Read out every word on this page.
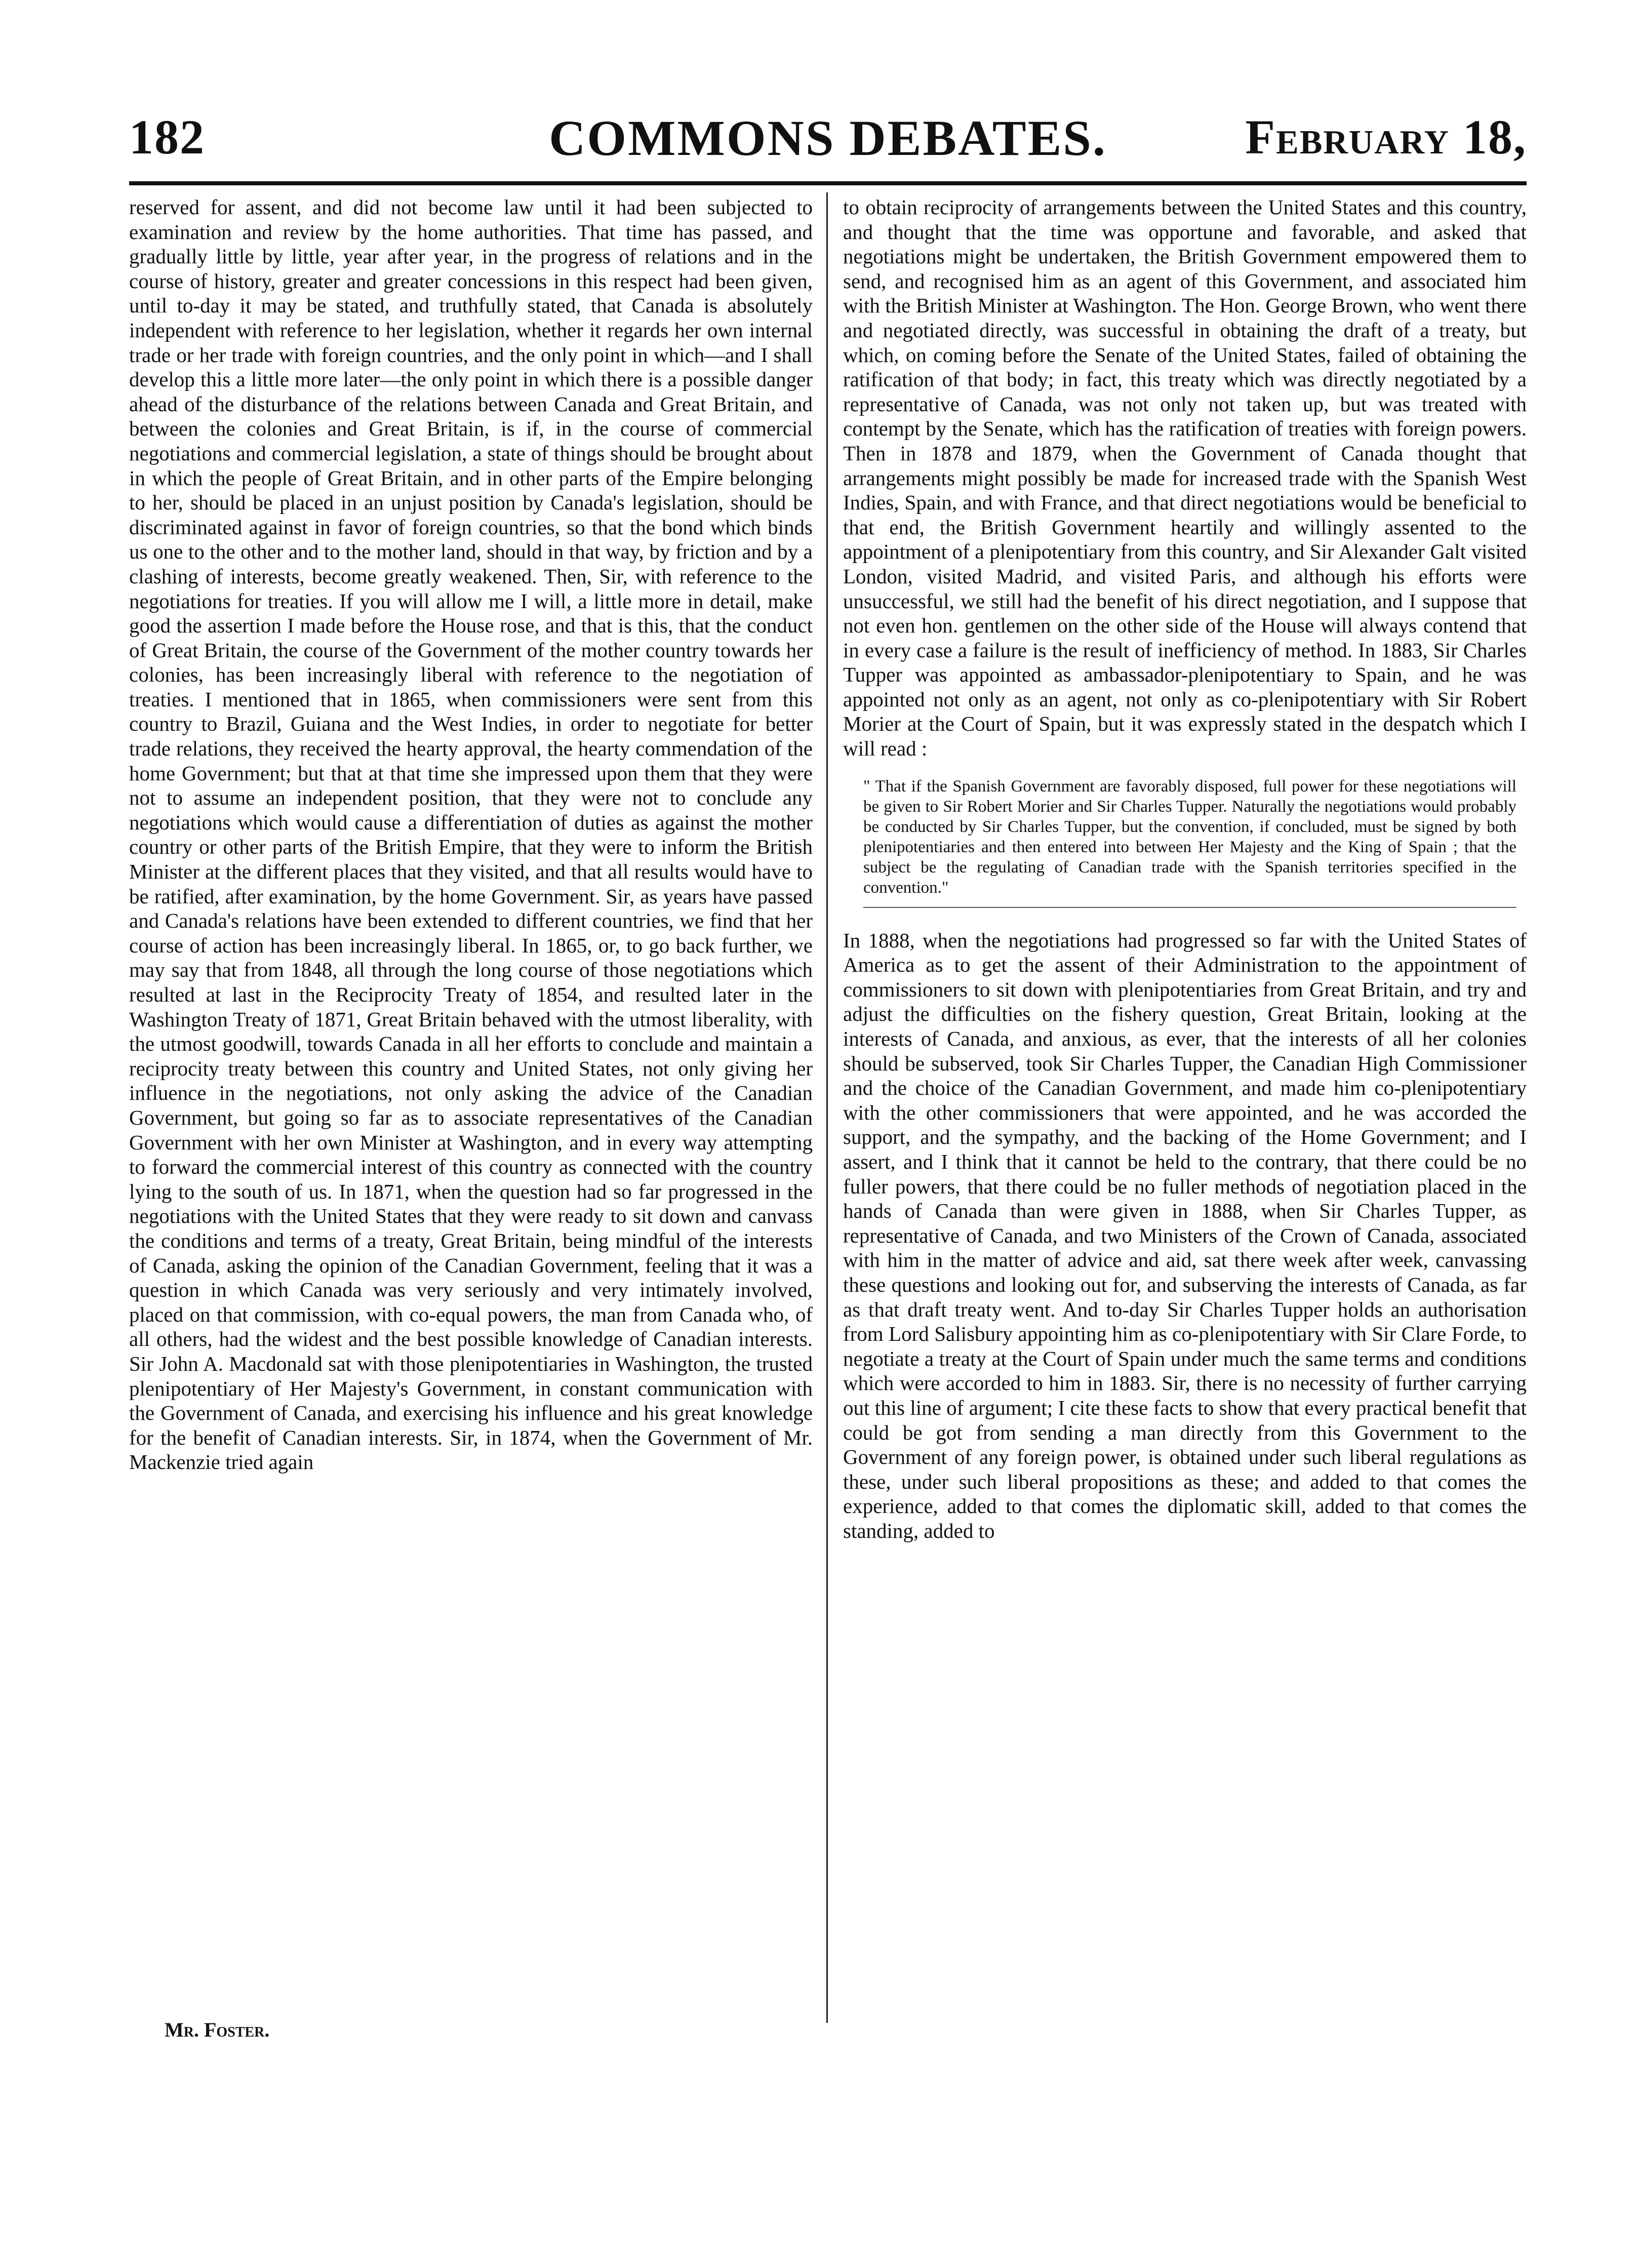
182	COMMONS DEBATES.	February 18,

reserved for assent, and did not become law until it had been subjected to examination and review by the home authorities. That time has passed, and gradually little by little, year after year, in the progress of relations and in the course of history, greater and greater concessions in this respect had been given, until to-day it may be stated, and truthfully stated, that Canada is absolutely independent with reference to her legislation, whether it regards her own internal trade or her trade with foreign countries, and the only point in which—and I shall develop this a little more later—the only point in which there is a possible danger ahead of the disturbance of the relations between Canada and Great Britain, and between the colonies and Great Britain, is if, in the course of commercial negotiations and commercial legislation, a state of things should be brought about in which the people of Great Britain, and in other parts of the Empire belonging to her, should be placed in an unjust position by Canada's legislation, should be discriminated against in favor of foreign countries, so that the bond which binds us one to the other and to the mother land, should in that way, by friction and by a clashing of interests, become greatly weakened. Then, Sir, with reference to the negotiations for treaties. If you will allow me I will, a little more in detail, make good the assertion I made before the House rose, and that is this, that the conduct of Great Britain, the course of the Government of the mother country towards her colonies, has been increasingly liberal with reference to the negotiation of treaties. I mentioned that in 1865, when commissioners were sent from this country to Brazil, Guiana and the West Indies, in order to negotiate for better trade relations, they received the hearty approval, the hearty commendation of the home Government; but that at that time she impressed upon them that they were not to assume an independent position, that they were not to conclude any negotiations which would cause a differentiation of duties as against the mother country or other parts of the British Empire, that they were to inform the British Minister at the different places that they visited, and that all results would have to be ratified, after examination, by the home Government. Sir, as years have passed and Canada's relations have been extended to different countries, we find that her course of action has been increasingly liberal. In 1865, or, to go back further, we may say that from 1848, all through the long course of those negotiations which resulted at last in the Reciprocity Treaty of 1854, and resulted later in the Washington Treaty of 1871, Great Britain behaved with the utmost liberality, with the utmost goodwill, towards Canada in all her efforts to conclude and maintain a reciprocity treaty between this country and United States, not only giving her influence in the negotiations, not only asking the advice of the Canadian Government, but going so far as to associate representatives of the Canadian Government with her own Minister at Washington, and in every way attempting to forward the commercial interest of this country as connected with the country lying to the south of us. In 1871, when the question had so far progressed in the negotiations with the United States that they were ready to sit down and canvass the conditions and terms of a treaty, Great Britain, being mindful of the interests of Canada, asking the opinion of the Canadian Government, feeling that it was a question in which Canada was very seriously and very intimately involved, placed on that commission, with co-equal powers, the man from Canada who, of all others, had the widest and the best possible knowledge of Canadian interests. Sir John A. Macdonald sat with those plenipotentiaries in Washington, the trusted plenipotentiary of Her Majesty's Government, in constant communication with the Government of Canada, and exercising his influence and his great knowledge for the benefit of Canadian interests. Sir, in 1874, when the Government of Mr. Mackenzie tried again

to obtain reciprocity of arrangements between the United States and this country, and thought that the time was opportune and favorable, and asked that negotiations might be undertaken, the British Government empowered them to send, and recognised him as an agent of this Government, and associated him with the British Minister at Washington. The Hon. George Brown, who went there and negotiated directly, was successful in obtaining the draft of a treaty, but which, on coming before the Senate of the United States, failed of obtaining the ratification of that body; in fact, this treaty which was directly negotiated by a representative of Canada, was not only not taken up, but was treated with contempt by the Senate, which has the ratification of treaties with foreign powers. Then in 1878 and 1879, when the Government of Canada thought that arrangements might possibly be made for increased trade with the Spanish West Indies, Spain, and with France, and that direct negotiations would be beneficial to that end, the British Government heartily and willingly assented to the appointment of a plenipotentiary from this country, and Sir Alexander Galt visited London, visited Madrid, and visited Paris, and although his efforts were unsuccessful, we still had the benefit of his direct negotiation, and I suppose that not even hon. gentlemen on the other side of the House will always contend that in every case a failure is the result of inefficiency of method. In 1883, Sir Charles Tupper was appointed as ambassador-plenipotentiary to Spain, and he was appointed not only as an agent, not only as co-plenipotentiary with Sir Robert Morier at the Court of Spain, but it was expressly stated in the despatch which I will read :

" That if the Spanish Government are favorably disposed, full power for these negotiations will be given to Sir Robert Morier and Sir Charles Tupper. Naturally the negotiations would probably be conducted by Sir Charles Tupper, but the convention, if concluded, must be signed by both plenipotentiaries and then entered into between Her Majesty and the King of Spain ; that the subject be the regulating of Canadian trade with the Spanish territories specified in the convention."

In 1888, when the negotiations had progressed so far with the United States of America as to get the assent of their Administration to the appointment of commissioners to sit down with plenipotentiaries from Great Britain, and try and adjust the difficulties on the fishery question, Great Britain, looking at the interests of Canada, and anxious, as ever, that the interests of all her colonies should be subserved, took Sir Charles Tupper, the Canadian High Commissioner and the choice of the Canadian Government, and made him co-plenipotentiary with the other commissioners that were appointed, and he was accorded the support, and the sympathy, and the backing of the Home Government; and I assert, and I think that it cannot be held to the contrary, that there could be no fuller powers, that there could be no fuller methods of negotiation placed in the hands of Canada than were given in 1888, when Sir Charles Tupper, as representative of Canada, and two Ministers of the Crown of Canada, associated with him in the matter of advice and aid, sat there week after week, canvassing these questions and looking out for, and subserving the interests of Canada, as far as that draft treaty went. And to-day Sir Charles Tupper holds an authorisation from Lord Salisbury appointing him as co-plenipotentiary with Sir Clare Forde, to negotiate a treaty at the Court of Spain under much the same terms and conditions which were accorded to him in 1883. Sir, there is no necessity of further carrying out this line of argument; I cite these facts to show that every practical benefit that could be got from sending a man directly from this Government to the Government of any foreign power, is obtained under such liberal regulations as these, under such liberal propositions as these; and added to that comes the experience, added to that comes the diplomatic skill, added to that comes the standing, added to

Mr. Foster.
